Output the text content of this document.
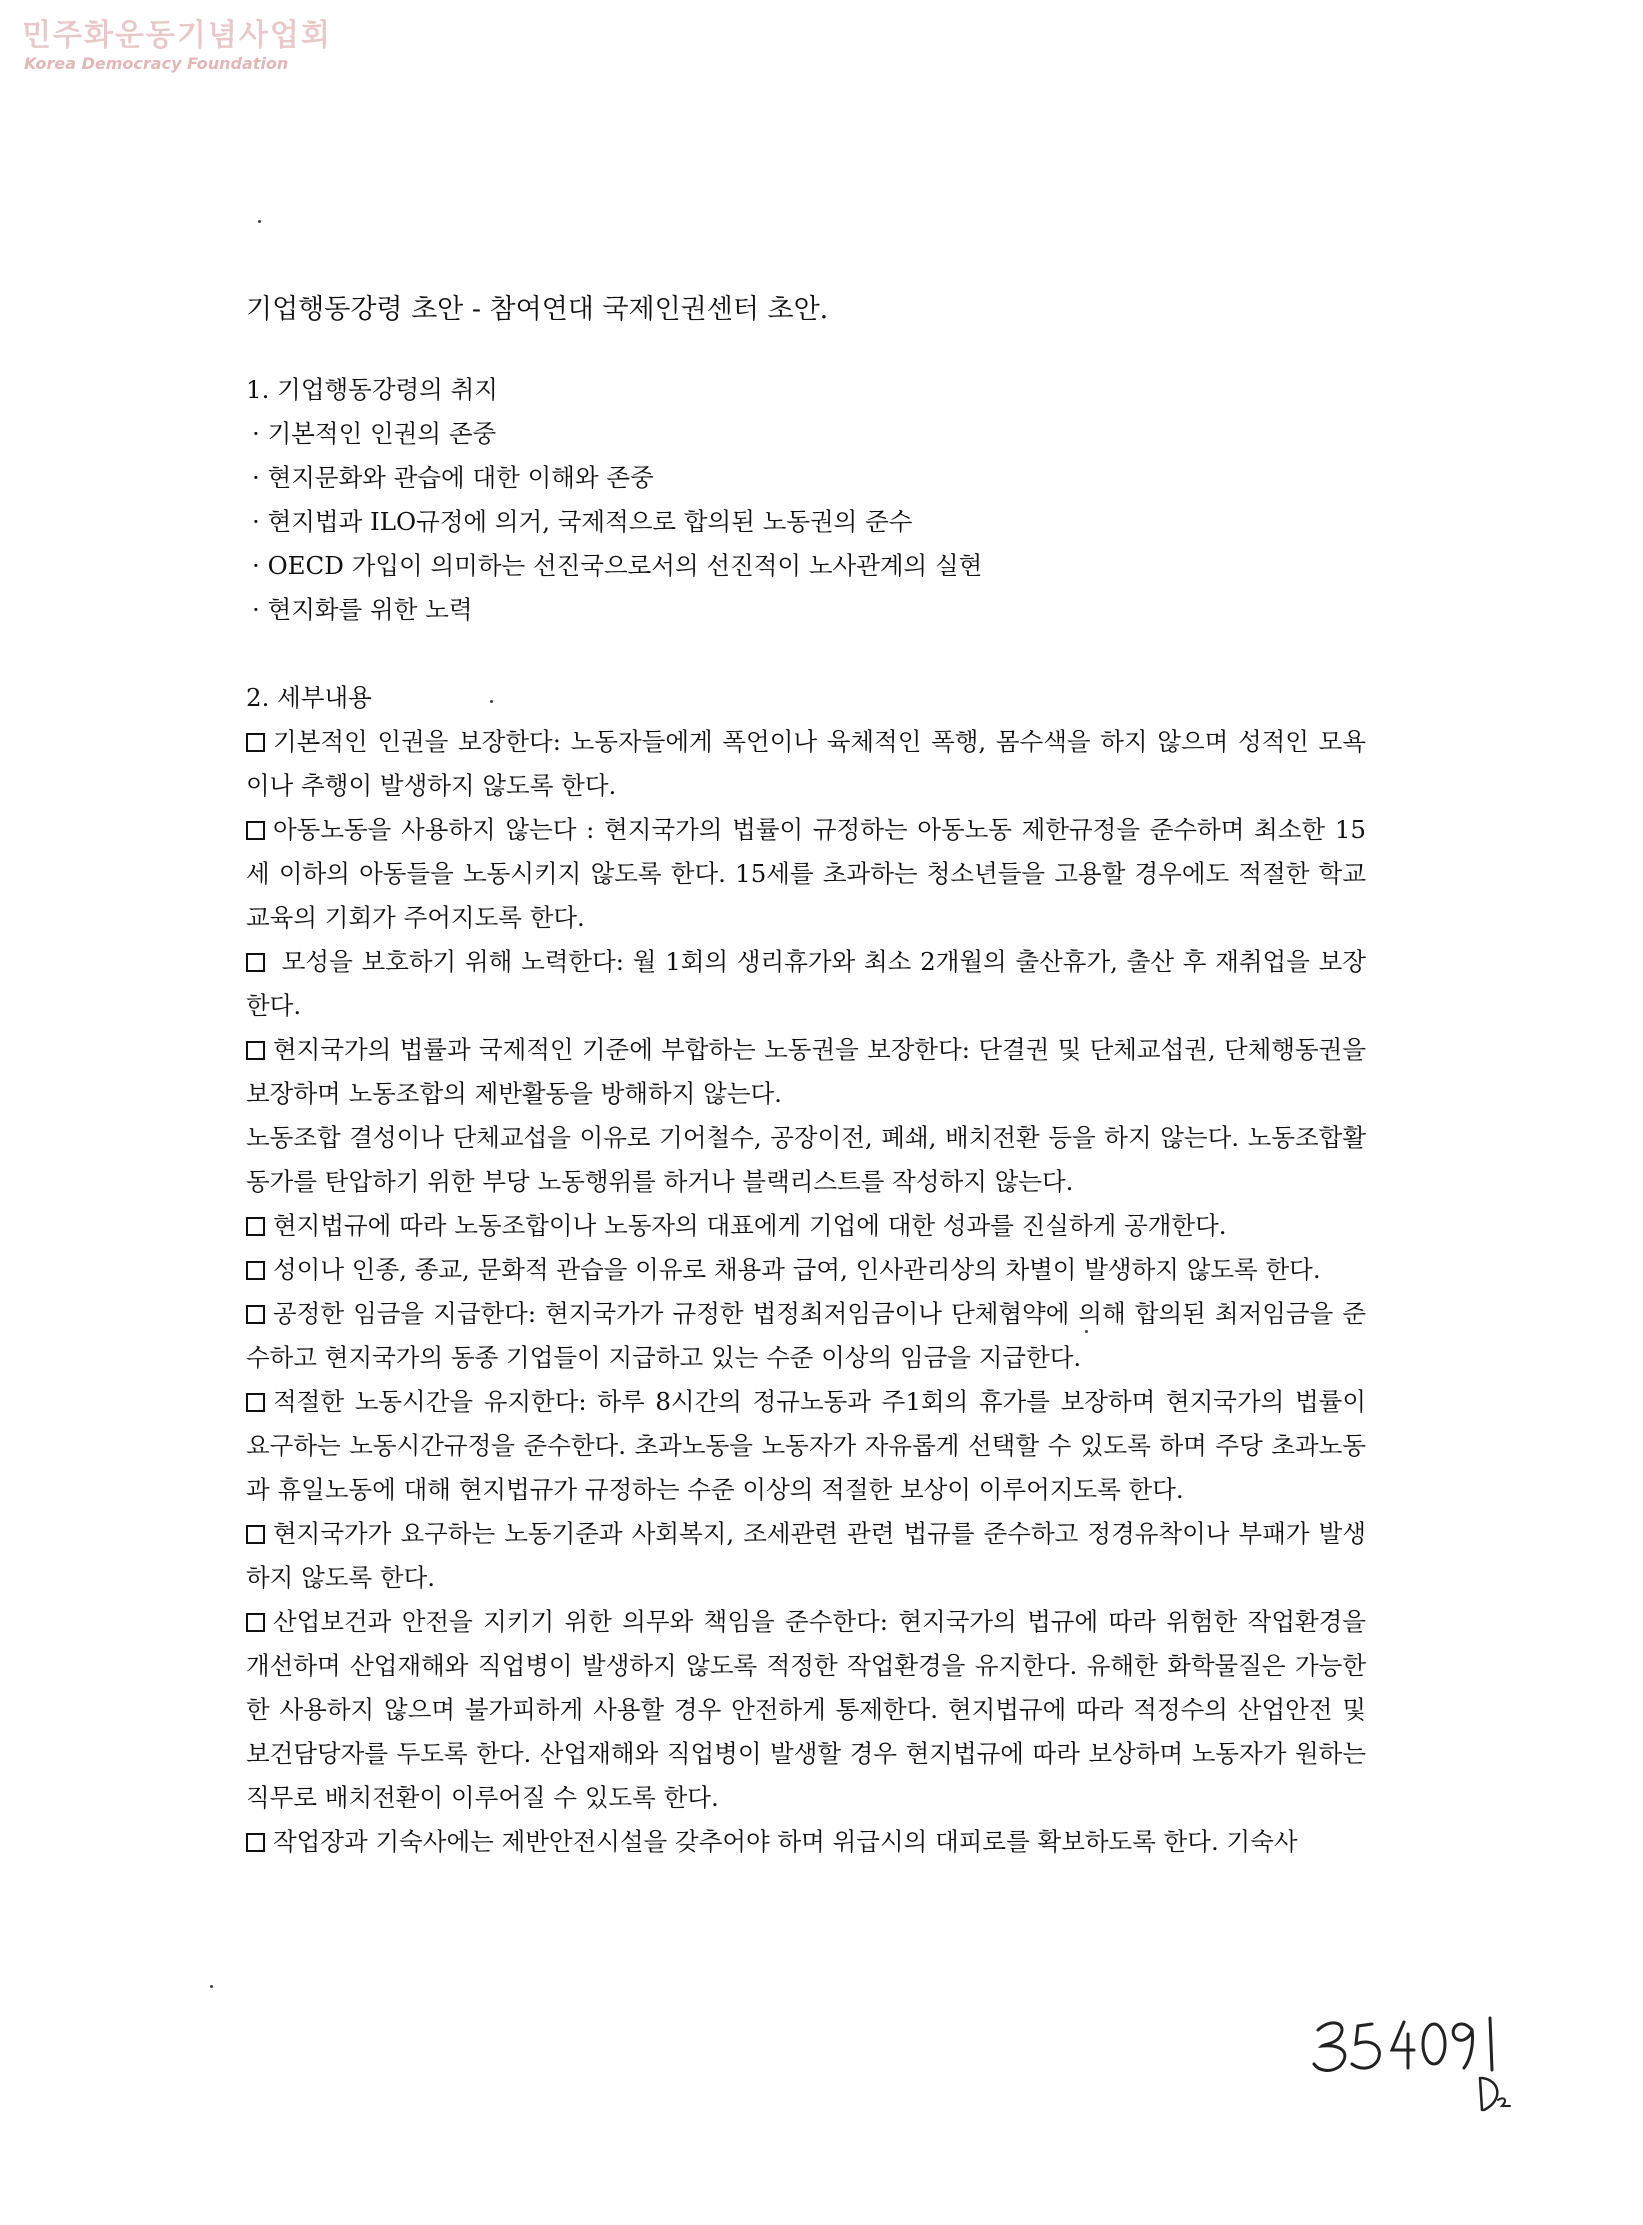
민주화운동기념사업회
Korea Democracy Foundation
기업행동강령 초안 - 참여연대 국제인권센터 초안.
1. 기업행동강령의 취지
· 기본적인 인권의 존중
· 현지문화와 관습에 대한 이해와 존중
· 현지법과 ILO규정에 의거, 국제적으로 합의된 노동권의 준수
· OECD 가입이 의미하는 선진국으로서의 선진적이 노사관계의 실현
· 현지화를 위한 노력
2. 세부내용

기본적인 인권을 보장한다: 노동자들에게 폭언이나 육체적인 폭행, 몸수색을 하지 않으며 성적인 모욕이나 추행이 발생하지 않도록 한다.

아동노동을 사용하지 않는다 : 현지국가의 법률이 규정하는 아동노동 제한규정을 준수하며 최소한 15세 이하의 아동들을 노동시키지 않도록 한다. 15세를 초과하는 청소년들을 고용할 경우에도 적절한 학교교육의 기회가 주어지도록 한다.

모성을 보호하기 위해 노력한다: 월 1회의 생리휴가와 최소 2개월의 출산휴가, 출산 후 재취업을 보장한다.

현지국가의 법률과 국제적인 기준에 부합하는 노동권을 보장한다: 단결권 및 단체교섭권, 단체행동권을 보장하며 노동조합의 제반활동을 방해하지 않는다.

노동조합 결성이나 단체교섭을 이유로 기어철수, 공장이전, 폐쇄, 배치전환 등을 하지 않는다. 노동조합활동가를 탄압하기 위한 부당 노동행위를 하거나 블랙리스트를 작성하지 않는다.

현지법규에 따라 노동조합이나 노동자의 대표에게 기업에 대한 성과를 진실하게 공개한다.

성이나 인종, 종교, 문화적 관습을 이유로 채용과 급여, 인사관리상의 차별이 발생하지 않도록 한다.

공정한 임금을 지급한다: 현지국가가 규정한 법정최저임금이나 단체협약에 의해 합의된 최저임금을 준수하고 현지국가의 동종 기업들이 지급하고 있는 수준 이상의 임금을 지급한다.

적절한 노동시간을 유지한다: 하루 8시간의 정규노동과 주1회의 휴가를 보장하며 현지국가의 법률이 요구하는 노동시간규정을 준수한다. 초과노동을 노동자가 자유롭게 선택할 수 있도록 하며 주당 초과노동과 휴일노동에 대해 현지법규가 규정하는 수준 이상의 적절한 보상이 이루어지도록 한다.

현지국가가 요구하는 노동기준과 사회복지, 조세관련 관련 법규를 준수하고 정경유착이나 부패가 발생하지 않도록 한다.

산업보건과 안전을 지키기 위한 의무와 책임을 준수한다: 현지국가의 법규에 따라 위험한 작업환경을 개선하며 산업재해와 직업병이 발생하지 않도록 적정한 작업환경을 유지한다. 유해한 화학물질은 가능한 한 사용하지 않으며 불가피하게 사용할 경우 안전하게 통제한다. 현지법규에 따라 적정수의 산업안전 및 보건담당자를 두도록 한다. 산업재해와 직업병이 발생할 경우 현지법규에 따라 보상하며 노동자가 원하는 직무로 배치전환이 이루어질 수 있도록 한다.

작업장과 기숙사에는 제반안전시설을 갖추어야 하며 위급시의 대피로를 확보하도록 한다. 기숙사
